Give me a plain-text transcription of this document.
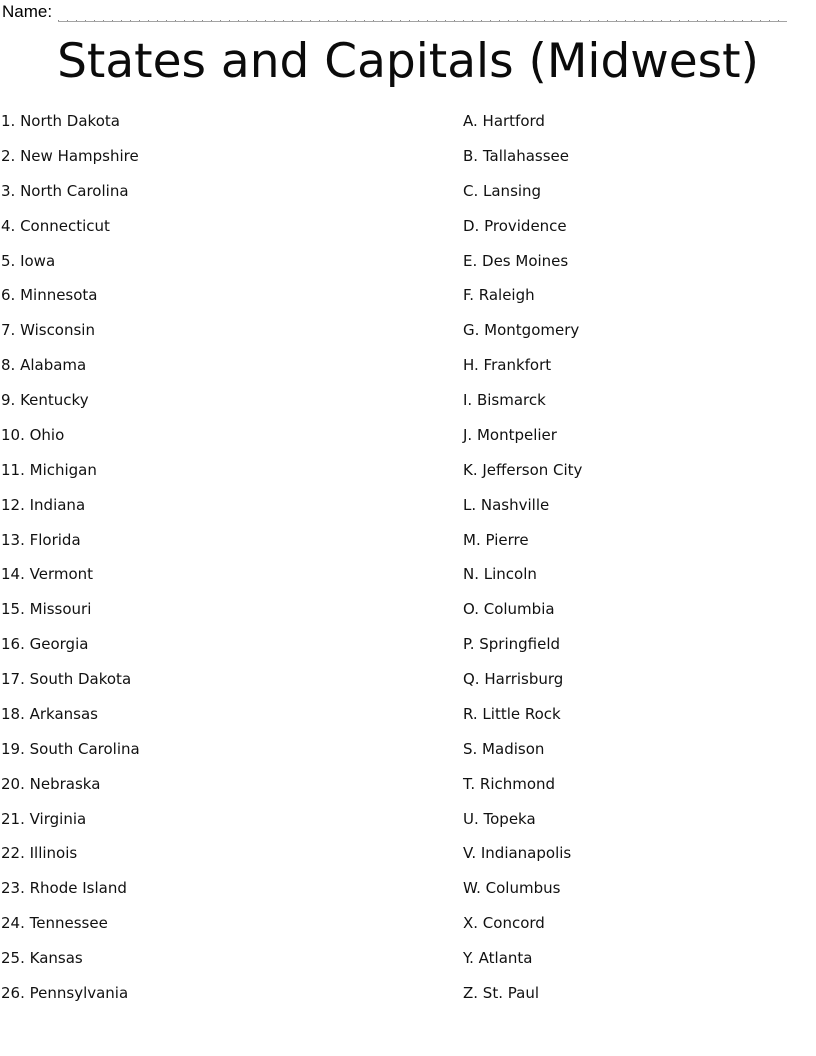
Name:
States and Capitals (Midwest)
1. North Dakota
2. New Hampshire
3. North Carolina
4. Connecticut
5. Iowa
6. Minnesota
7. Wisconsin
8. Alabama
9. Kentucky
10. Ohio
11. Michigan
12. Indiana
13. Florida
14. Vermont
15. Missouri
16. Georgia
17. South Dakota
18. Arkansas
19. South Carolina
20. Nebraska
21. Virginia
22. Illinois
23. Rhode Island
24. Tennessee
25. Kansas
26. Pennsylvania
A. Hartford
B. Tallahassee
C. Lansing
D. Providence
E. Des Moines
F. Raleigh
G. Montgomery
H. Frankfort
I. Bismarck
J. Montpelier
K. Jefferson City
L. Nashville
M. Pierre
N. Lincoln
O. Columbia
P. Springfield
Q. Harrisburg
R. Little Rock
S. Madison
T. Richmond
U. Topeka
V. Indianapolis
W. Columbus
X. Concord
Y. Atlanta
Z. St. Paul
